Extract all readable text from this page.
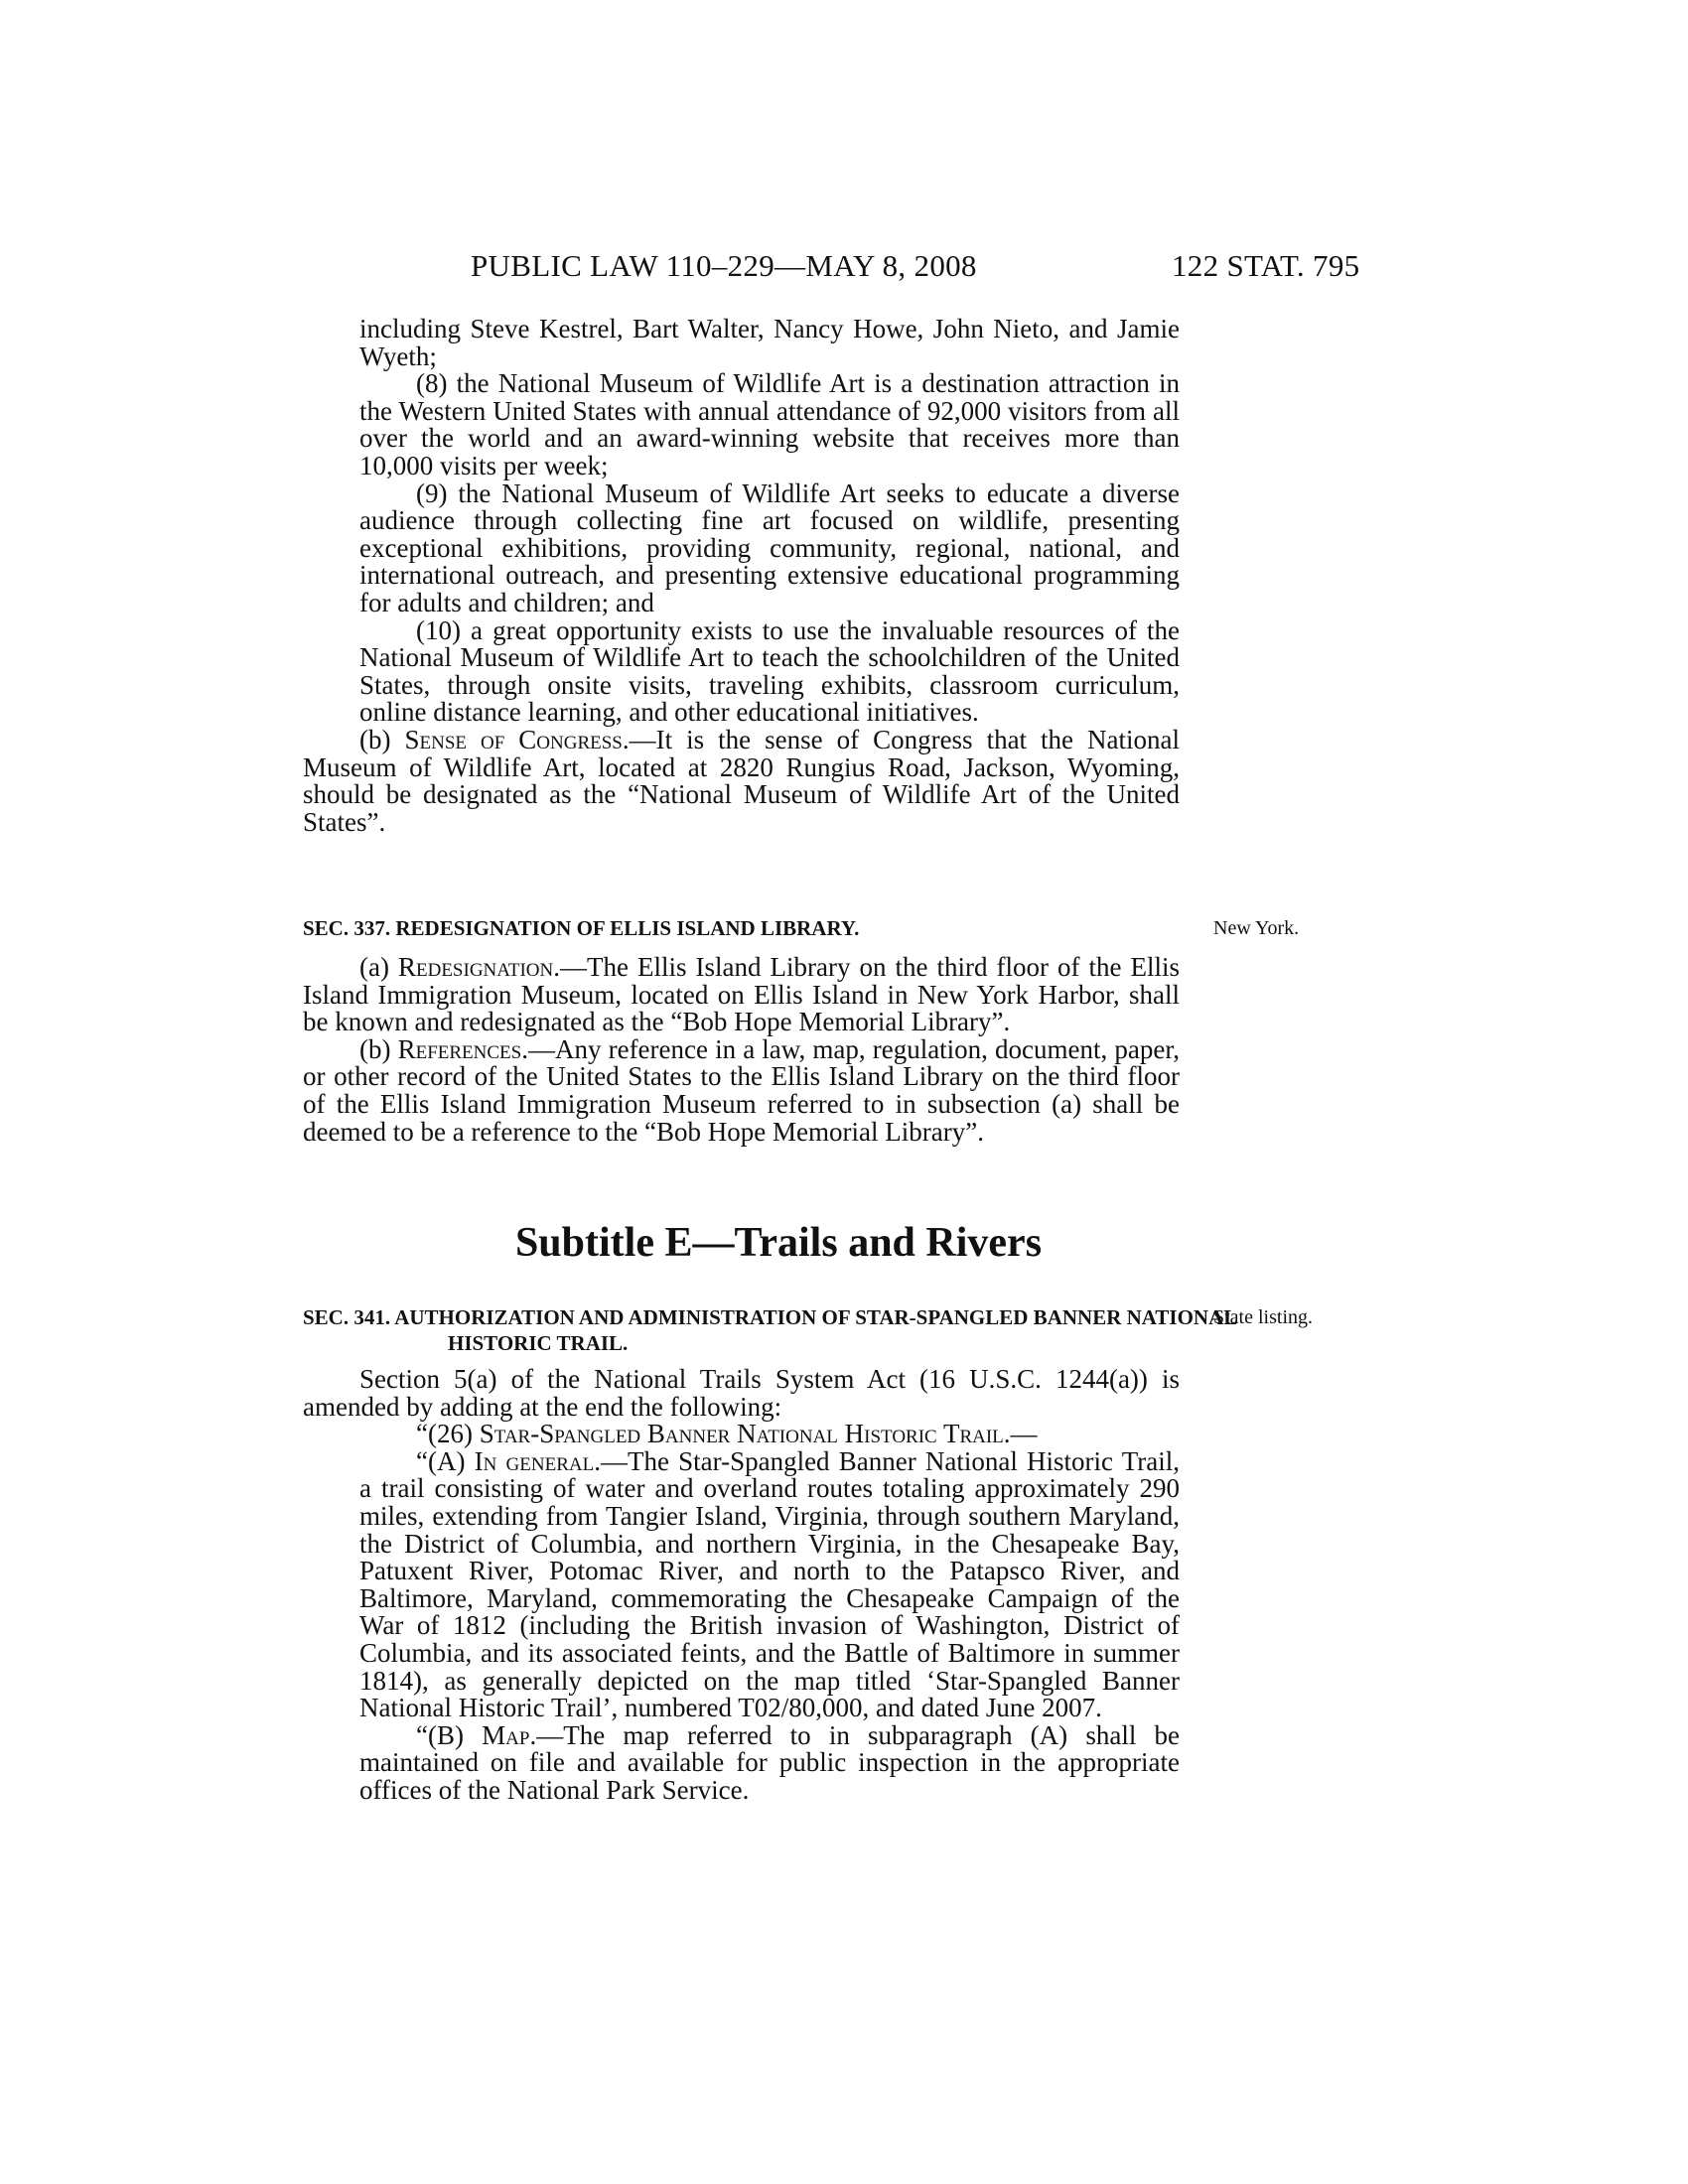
PUBLIC LAW 110–229—MAY 8, 2008	122 STAT. 795

including Steve Kestrel, Bart Walter, Nancy Howe, John Nieto, and Jamie Wyeth;

(8) the National Museum of Wildlife Art is a destination attraction in the Western United States with annual attendance of 92,000 visitors from all over the world and an award-winning website that receives more than 10,000 visits per week;

(9) the National Museum of Wildlife Art seeks to educate a diverse audience through collecting fine art focused on wildlife, presenting exceptional exhibitions, providing community, regional, national, and international outreach, and presenting extensive educational programming for adults and children; and

(10) a great opportunity exists to use the invaluable resources of the National Museum of Wildlife Art to teach the schoolchildren of the United States, through onsite visits, traveling exhibits, classroom curriculum, online distance learning, and other educational initiatives.

(b) Sense of Congress.—It is the sense of Congress that the National Museum of Wildlife Art, located at 2820 Rungius Road, Jackson, Wyoming, should be designated as the “National Museum of Wildlife Art of the United States”.

SEC. 337. REDESIGNATION OF ELLIS ISLAND LIBRARY.	New York.

(a) Redesignation.—The Ellis Island Library on the third floor of the Ellis Island Immigration Museum, located on Ellis Island in New York Harbor, shall be known and redesignated as the “Bob Hope Memorial Library”.

(b) References.—Any reference in a law, map, regulation, document, paper, or other record of the United States to the Ellis Island Library on the third floor of the Ellis Island Immigration Museum referred to in subsection (a) shall be deemed to be a reference to the “Bob Hope Memorial Library”.

Subtitle E—Trails and Rivers
SEC. 341. AUTHORIZATION AND ADMINISTRATION OF STAR-SPANGLED BANNER NATIONAL HISTORIC TRAIL.
State listing.

Section 5(a) of the National Trails System Act (16 U.S.C. 1244(a)) is amended by adding at the end the following:

“(26) Star-Spangled Banner National Historic Trail.—

“(A) In general.—The Star-Spangled Banner National Historic Trail, a trail consisting of water and overland routes totaling approximately 290 miles, extending from Tangier Island, Virginia, through southern Maryland, the District of Columbia, and northern Virginia, in the Chesapeake Bay, Patuxent River, Potomac River, and north to the Patapsco River, and Baltimore, Maryland, commemorating the Chesapeake Campaign of the War of 1812 (including the British invasion of Washington, District of Columbia, and its associated feints, and the Battle of Baltimore in summer 1814), as generally depicted on the map titled ‘Star-Spangled Banner National Historic Trail’, numbered T02/80,000, and dated June 2007.

“(B) Map.—The map referred to in subparagraph (A) shall be maintained on file and available for public inspection in the appropriate offices of the National Park Service.
